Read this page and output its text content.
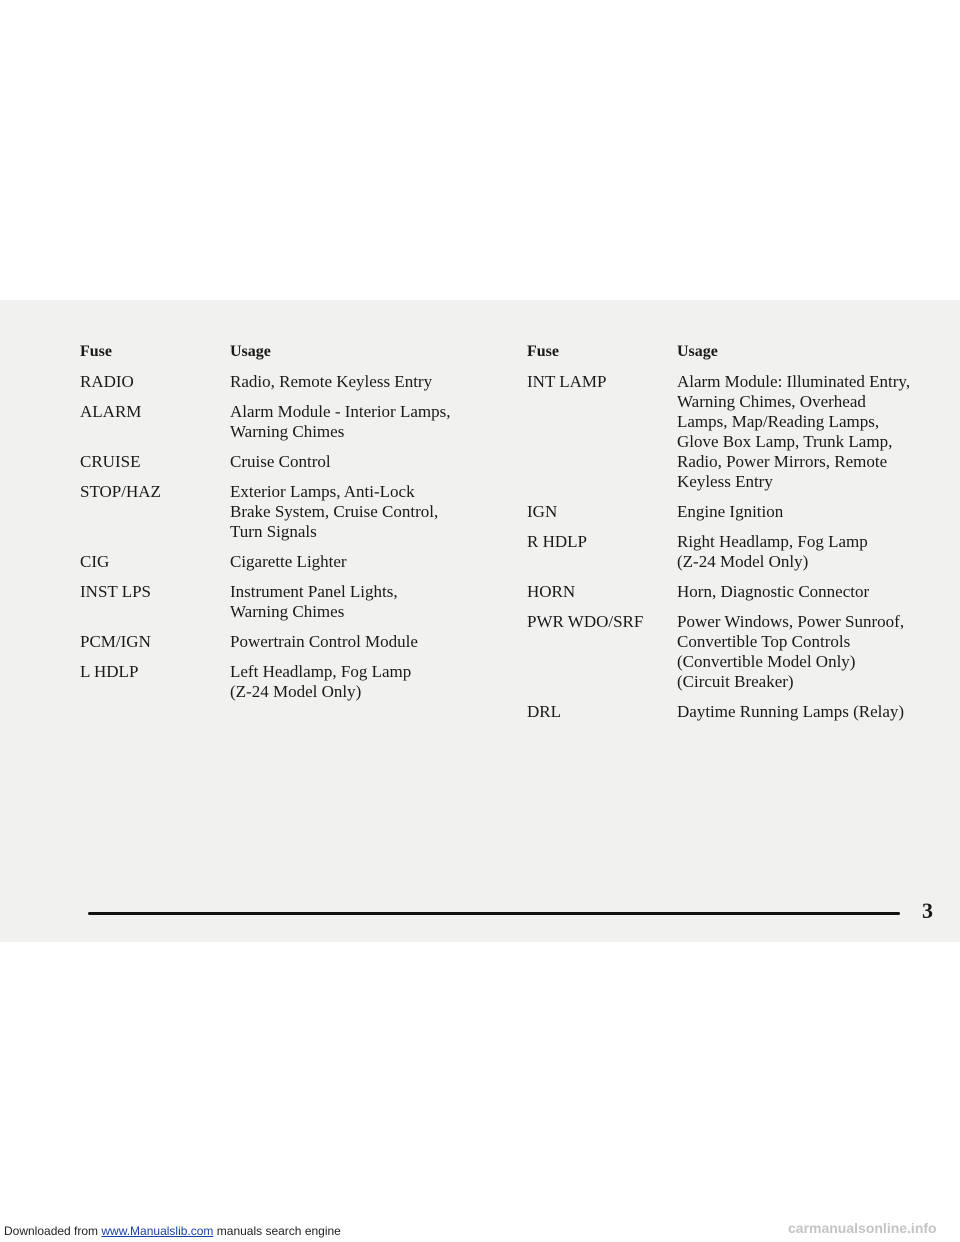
Fuse	Usage
RADIO	Radio, Remote Keyless Entry
ALARM	Alarm Module - Interior Lamps,
Warning Chimes
CRUISE	Cruise Control
STOP/HAZ	Exterior Lamps, Anti-Lock
Brake System, Cruise Control,
Turn Signals
CIG	Cigarette Lighter
INST LPS	Instrument Panel Lights,
Warning Chimes
PCM/IGN	Powertrain Control Module
L HDLP	Left Headlamp, Fog Lamp
(Z-24 Model Only)
Fuse	Usage
INT LAMP	Alarm Module: Illuminated Entry,
Warning Chimes, Overhead
Lamps, Map/Reading Lamps,
Glove Box Lamp, Trunk Lamp,
Radio, Power Mirrors, Remote
Keyless Entry
IGN	Engine Ignition
R HDLP	Right Headlamp, Fog Lamp
(Z-24 Model Only)
HORN	Horn, Diagnostic Connector
PWR WDO/SRF	Power Windows, Power Sunroof,
Convertible Top Controls
(Convertible Model Only)
(Circuit Breaker)
DRL	Daytime Running Lamps (Relay)
3
Downloaded from www.Manualslib.com manuals search engine	carmanualsonline.info
